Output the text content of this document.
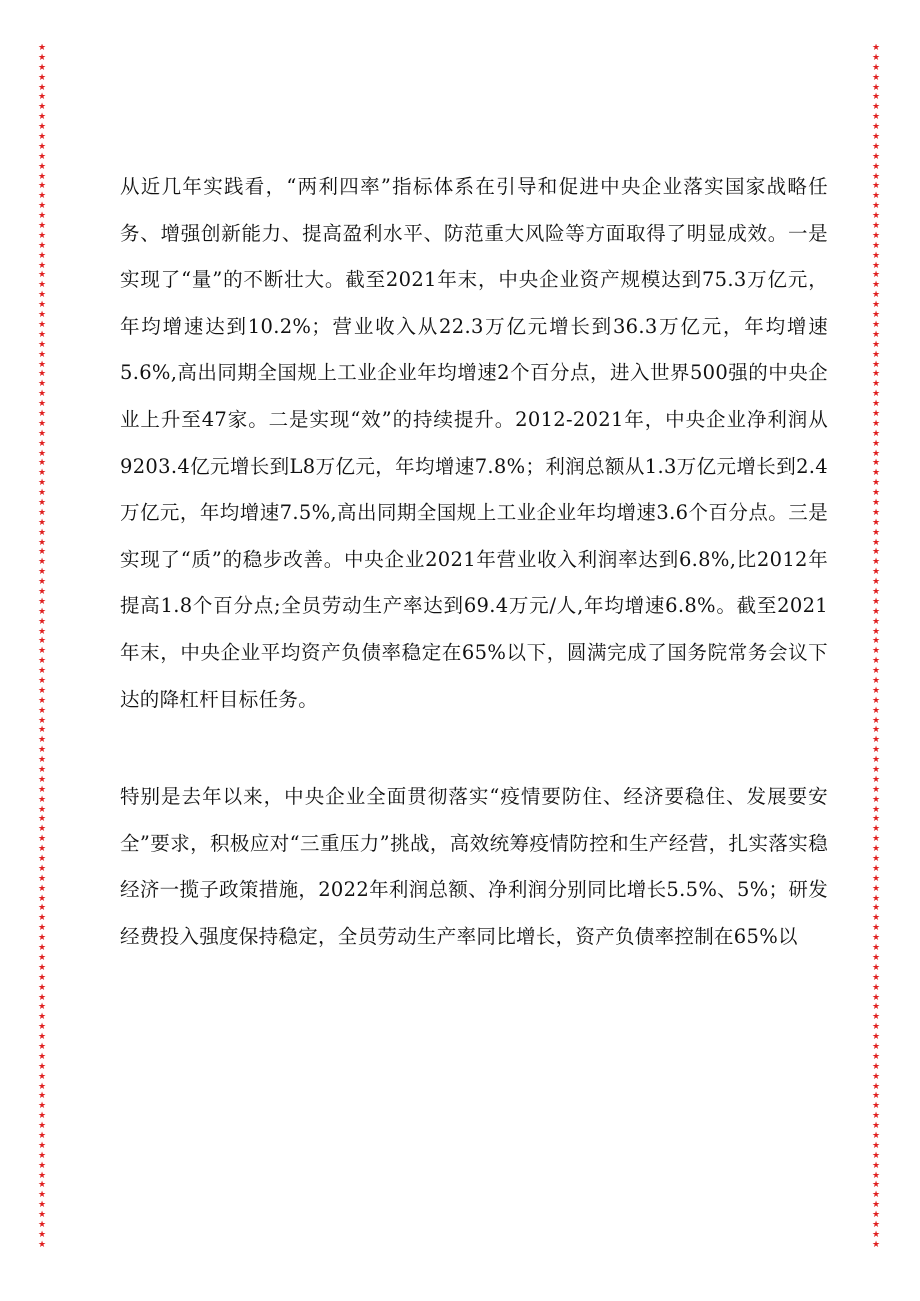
★
★
★
★
★
★
★
★
★
★
★
★
★
★
★
★
★
★
★
★
★
★
★
★
★
★
★
★
★
★
★
★
★
★
★
★
★
★
★
★
★
★
★
★
★
★
★
★
★
★
★
★
★
★
★
★
★
★
★
★
★
★
★
★
★
★
★
★
★
★
★
★
★
★
★
★
★
★
★
★
★
★
★
★
★
★
★
★
★
★
★
★
★
★
★
★
★
★
★
★
★
★
★
★
★
★
★
★
★
★
★
★
★
★
★
★
★
★
★
★
★
★
★
★
★
★
★
★
★
★
★
★
★
★
★
★
★
★
★
★
★
★
★
★
★
★
★
★
★
★
★
★
★
★
★
★
★
★
★
★
★
★
★
★
★
★
★
★
★
★
★
★
★
★
★
★
★
★
★
★
★
★
★
★
★
★
★
★
★
★
★
★
★
★
★
★
★
★
★
★
★
★
★
★
★
★
★
★
★
★
★
★
★
★
★
★
★
★
★
★
★
★
★
★
★
★
★
★
★
★
★
★
★
★
★
★
★
★
★
★
★
★
★
★

从近几年实践看，“两利四率”指标体系在引导和促进中央企业落实国家战略任务、增强创新能力、提高盈利水平、防范重大风险等方面取得了明显成效。一是实现了“量”的不断壮大。截至2021年末，中央企业资产规模达到75.3万亿元，年均增速达到10.2%；营业收入从22.3万亿元增长到36.3万亿元，年均增速5.6%,高出同期全国规上工业企业年均增速2个百分点，进入世界500强的中央企业上升至47家。二是实现“效”的持续提升。2012-2021年，中央企业净利润从9203.4亿元增长到L8万亿元，年均增速7.8%；利润总额从1.3万亿元增长到2.4万亿元，年均增速7.5%,高出同期全国规上工业企业年均增速3.6个百分点。三是实现了“质”的稳步改善。中央企业2021年营业收入利润率达到6.8%,比2012年提高1.8个百分点;全员劳动生产率达到69.4万元/人,年均增速6.8%。截至2021年末，中央企业平均资产负债率稳定在65%以下，圆满完成了国务院常务会议下达的降杠杆目标任务。

特别是去年以来，中央企业全面贯彻落实“疫情要防住、经济要稳住、发展要安全”要求，积极应对“三重压力”挑战，高效统筹疫情防控和生产经营，扎实落实稳经济一揽子政策措施，2022年利润总额、净利润分别同比增长5.5%、5%；研发经费投入强度保持稳定，全员劳动生产率同比增长，资产负债率控制在65%以
